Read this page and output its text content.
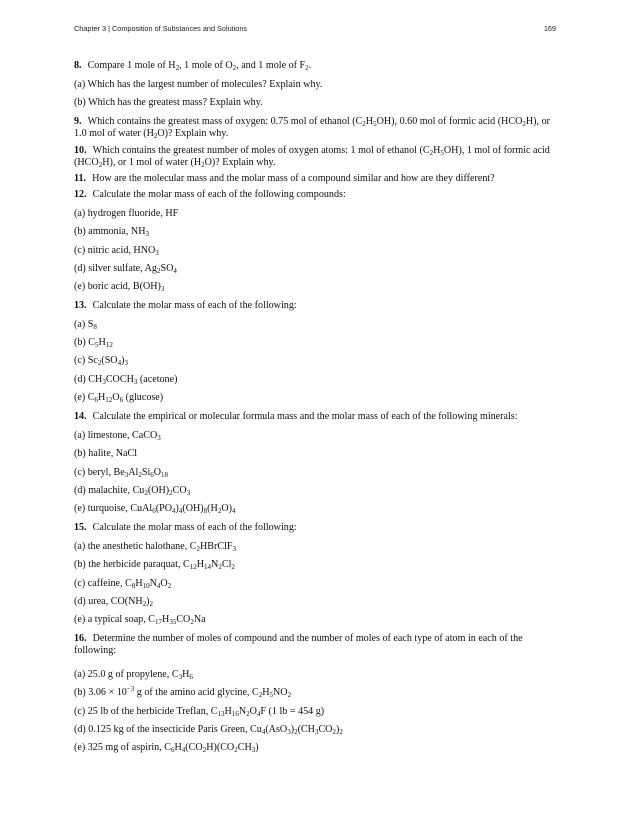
Chapter 3 | Composition of Substances and Solutions	169
8. Compare 1 mole of $H_2$, 1 mole of $O_2$, and 1 mole of $F_2$.
(a) Which has the largest number of molecules? Explain why.
(b) Which has the greatest mass? Explain why.
9. Which contains the greatest mass of oxygen: 0.75 mol of ethanol $(C_2H_5OH)$, 0.60 mol of formic acid $(HCO_2H)$, or 1.0 mol of water $(H_2O)$? Explain why.
10. Which contains the greatest number of moles of oxygen atoms: 1 mol of ethanol $(C_2H_5OH)$, 1 mol of formic acid $(HCO_2H)$, or 1 mol of water $(H_2O)$? Explain why.
11. How are the molecular mass and the molar mass of a compound similar and how are they different?
12. Calculate the molar mass of each of the following compounds:
(a) hydrogen fluoride, HF
(b) ammonia, $NH_3$
(c) nitric acid, $HNO_3$
(d) silver sulfate, $Ag_2SO_4$
(e) boric acid, $B(OH)_3$
13. Calculate the molar mass of each of the following:
(a) $S_8$
(b) $C_5H_{12}$
(c) $Sc_2(SO_4)_3$
(d) $CH_3COCH_3$ (acetone)
(e) $C_6H_{12}O_6$ (glucose)
14. Calculate the empirical or molecular formula mass and the molar mass of each of the following minerals:
(a) limestone, CaCO$_3$
(b) halite, NaCl
(c) beryl, $Be_3Al_2Si_6O_{18}$
(d) malachite, $Cu_2(OH)_2CO_3$
(e) turquoise, $CuAl_6(PO_4)_4(OH)_8(H_2O)_4$
15. Calculate the molar mass of each of the following:
(a) the anesthetic halothane, $C_2HBrClF_3$
(b) the herbicide paraquat, $C_{12}H_{14}N_2Cl_2$
(c) caffeine, $C_8H_{10}N_4O_2$
(d) urea, $CO(NH_2)_2$
(e) a typical soap, $C_{17}H_{35}CO_2Na$
16. Determine the number of moles of compound and the number of moles of each type of atom in each of the following:
(a) 25.0 g of propylene, $C_3H_6$
(b) $3.06 \times 10^{-3}$ g of the amino acid glycine, $C_2H_5NO_2$
(c) 25 lb of the herbicide Treflan, $C_{13}H_{16}N_2O_4F$ (1 lb = 454 g)
(d) 0.125 kg of the insecticide Paris Green, $Cu_4(AsO_3)_2(CH_3CO_2)_2$
(e) 325 mg of aspirin, $C_6H_4(CO_2H)(CO_2CH_3)$
